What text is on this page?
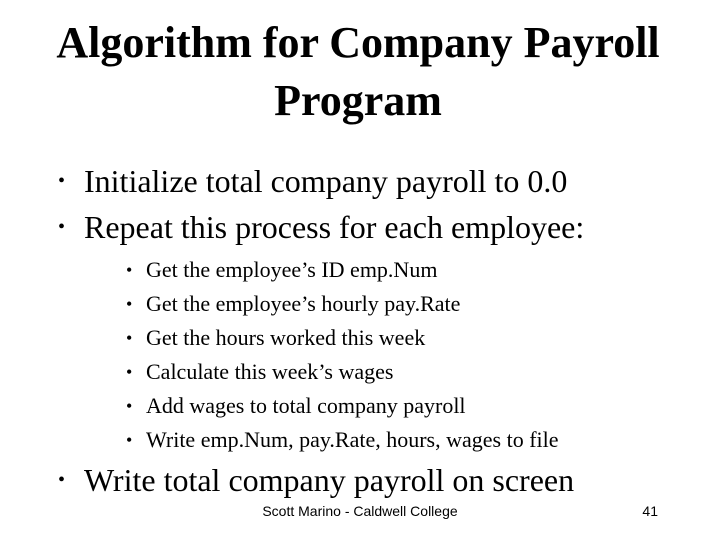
Algorithm for Company Payroll Program
• Initialize total company payroll to 0.0
• Repeat this process for each employee:
• Get the employee’s ID emp.Num
• Get the employee’s hourly pay.Rate
• Get the hours worked this week
• Calculate this week’s wages
• Add wages to total company payroll
• Write emp.Num, pay.Rate, hours, wages to file
• Write total company payroll on screen
Scott Marino - Caldwell College	41
